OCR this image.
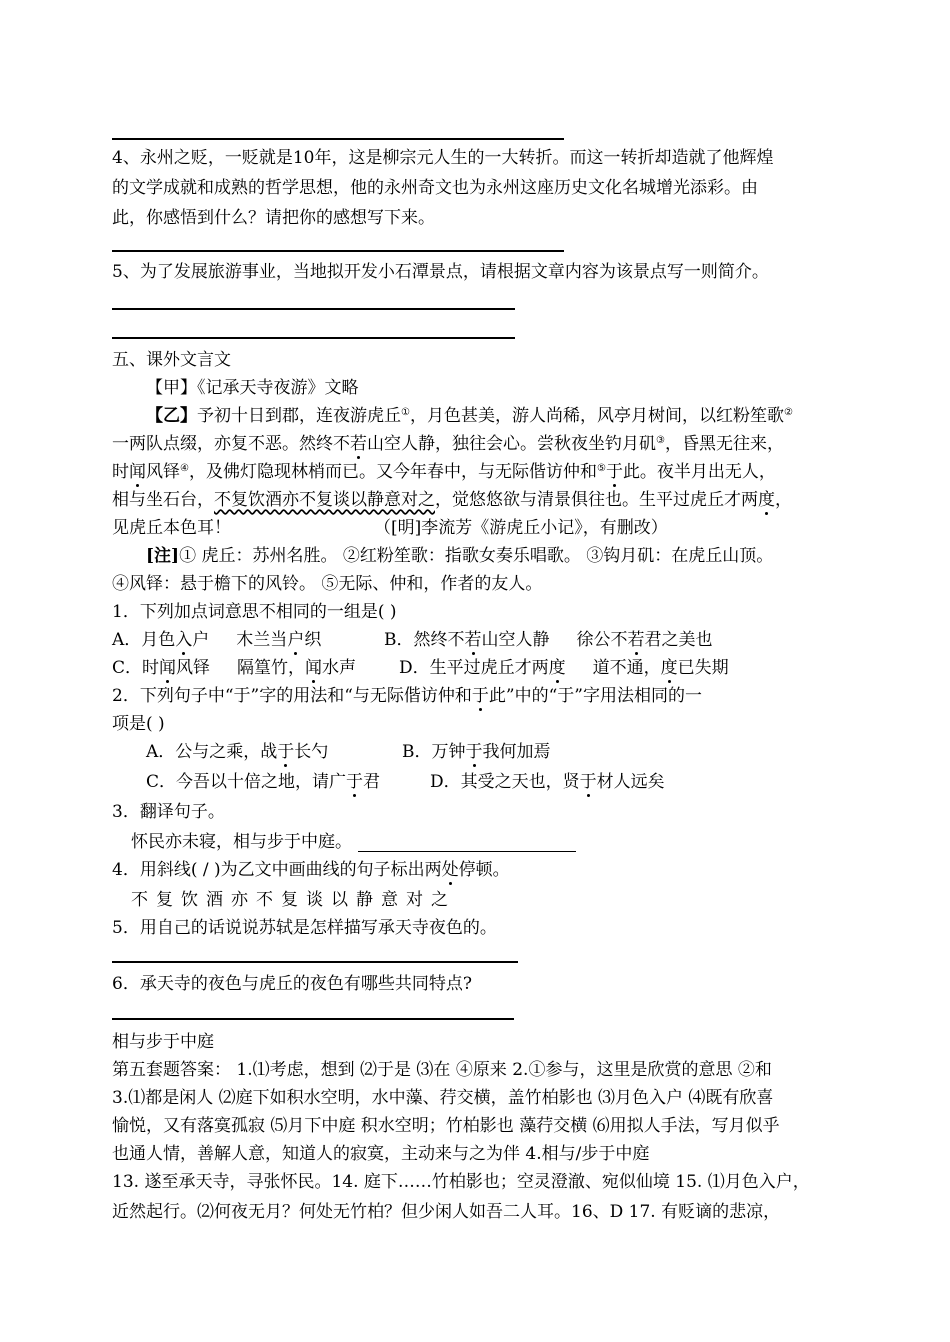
4、永州之贬，一贬就是10年，这是柳宗元人生的一大转折。而这一转折却造就了他辉煌
的文学成就和成熟的哲学思想，他的永州奇文也为永州这座历史文化名城增光添彩。由
此，你感悟到什么？请把你的感想写下来。
5、为了发展旅游事业，当地拟开发小石潭景点，请根据文章内容为该景点写一则简介。
五、课外文言文
【甲】《记承天寺夜游》文略
【乙】予初十日到郡，连夜游虎丘①，月色甚美，游人尚稀，风亭月树间，以红粉笙歌②
一两队点缀，亦复不恶。然终不若山空人静，独往会心。尝秋夜坐钓月矶③，昏黑无往来，
时闻风铎④，及佛灯隐现林梢而已。又今年春中，与无际偕访仲和⑤于此。夜半月出无人，
相与坐石台，不复饮酒亦不复谈以静意对之，觉悠悠欲与清景俱往也。生平过虎丘才两度，
见虎丘本色耳！	（[明]李流芳《游虎丘小记》，有删改）
[注]① 虎丘：苏州名胜。 ②红粉笙歌：指歌女奏乐唱歌。 ③钩月矶：在虎丘山顶。
④风铎：悬于檐下的风铃。 ⑤无际、仲和，作者的友人。
1．下列加点词意思不相同的一组是( )
A．月色入户     木兰当户织	B．然终不若山空人静     徐公不若君之美也
C．时闻风铎     隔篁竹，闻水声	D．生平过虎丘才两度     道不通，度已失期
2．下列句子中“于”字的用法和“与无际偕访仲和于此”中的“于”字用法相同的一
项是( )
A．公与之乘，战于长勺	B．万钟于我何加焉
C．今吾以十倍之地，请广于君	D．其受之天也，贤于材人远矣
3．翻译句子。
怀民亦未寝，相与步于中庭。
4．用斜线( / )为乙文中画曲线的句子标出两处停顿。
不复饮酒亦不复谈以静意对之
5．用自己的话说说苏轼是怎样描写承天寺夜色的。
6．承天寺的夜色与虎丘的夜色有哪些共同特点?
相与步于中庭
第五套题答案： 1.⑴考虑，想到 ⑵于是 ⑶在 ④原来 2.①参与，这里是欣赏的意思 ②和
3.⑴都是闲人 ⑵庭下如积水空明，水中藻、荇交横，盖竹柏影也 ⑶月色入户 ⑷既有欣喜
愉悦，又有落寞孤寂 ⑸月下中庭 积水空明；竹柏影也 藻荇交横 ⑹用拟人手法，写月似乎
也通人情，善解人意，知道人的寂寞，主动来与之为伴 4.相与/步于中庭
13. 遂至承天寺，寻张怀民。14. 庭下……竹柏影也；空灵澄澈、宛似仙境 15. ⑴月色入户，
近然起行。⑵何夜无月？何处无竹柏？但少闲人如吾二人耳。16、D 17. 有贬谪的悲凉，
